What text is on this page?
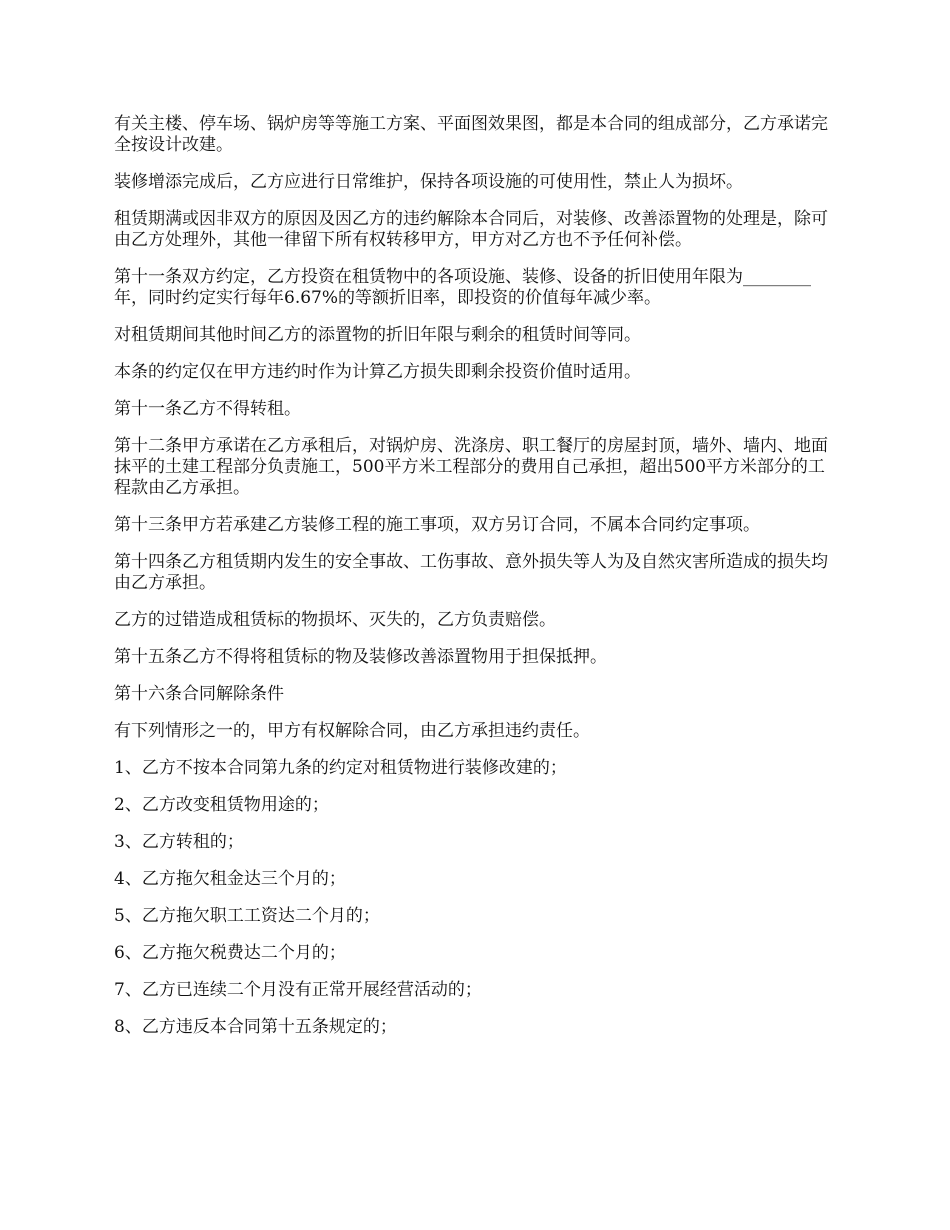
有关主楼、停车场、锅炉房等等施工方案、平面图效果图，都是本合同的组成部分，乙方承诺完全按设计改建。

装修增添完成后，乙方应进行日常维护，保持各项设施的可使用性，禁止人为损坏。

租赁期满或因非双方的原因及因乙方的违约解除本合同后，对装修、改善添置物的处理是，除可由乙方处理外，其他一律留下所有权转移甲方，甲方对乙方也不予任何补偿。

第十一条双方约定，乙方投资在租赁物中的各项设施、装修、设备的折旧使用年限为________年，同时约定实行每年6.67%的等额折旧率，即投资的价值每年减少率。

对租赁期间其他时间乙方的添置物的折旧年限与剩余的租赁时间等同。

本条的约定仅在甲方违约时作为计算乙方损失即剩余投资价值时适用。

第十一条乙方不得转租。

第十二条甲方承诺在乙方承租后，对锅炉房、洗涤房、职工餐厅的房屋封顶，墙外、墙内、地面抹平的土建工程部分负责施工，500平方米工程部分的费用自己承担，超出500平方米部分的工程款由乙方承担。

第十三条甲方若承建乙方装修工程的施工事项，双方另订合同，不属本合同约定事项。

第十四条乙方租赁期内发生的安全事故、工伤事故、意外损失等人为及自然灾害所造成的损失均由乙方承担。

乙方的过错造成租赁标的物损坏、灭失的，乙方负责赔偿。

第十五条乙方不得将租赁标的物及装修改善添置物用于担保抵押。

第十六条合同解除条件

有下列情形之一的，甲方有权解除合同，由乙方承担违约责任。

1、乙方不按本合同第九条的约定对租赁物进行装修改建的；

2、乙方改变租赁物用途的；

3、乙方转租的；

4、乙方拖欠租金达三个月的；

5、乙方拖欠职工工资达二个月的；

6、乙方拖欠税费达二个月的；

7、乙方已连续二个月没有正常开展经营活动的；

8、乙方违反本合同第十五条规定的；
